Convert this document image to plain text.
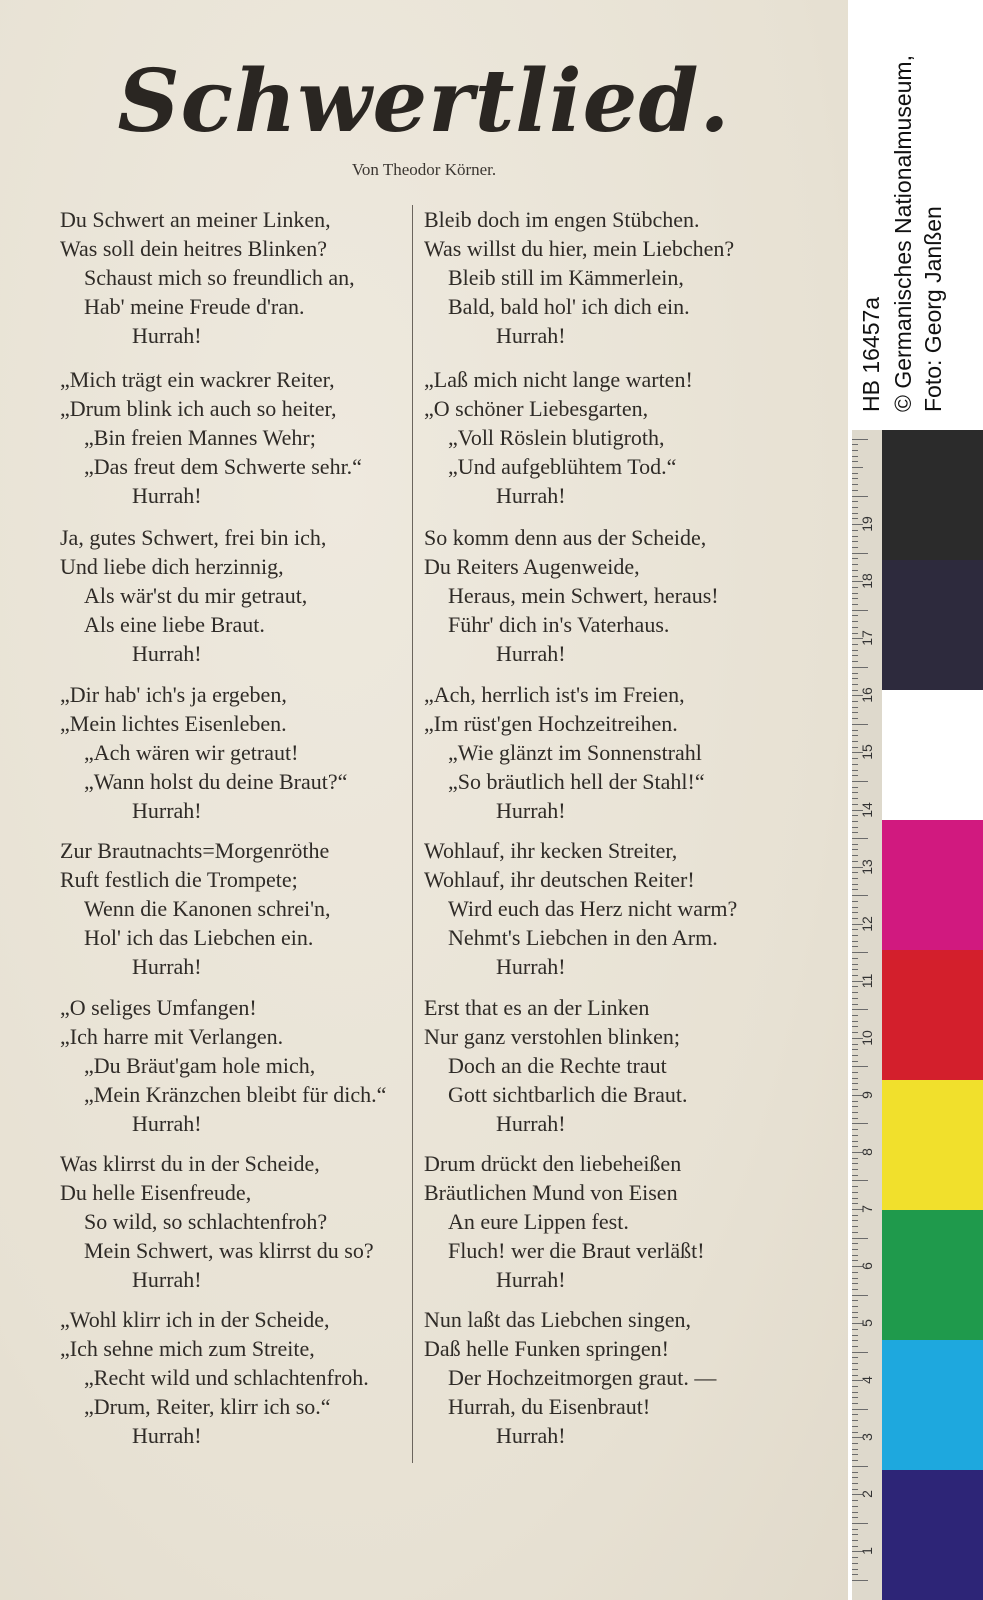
Schwertlied.
Von Theodor Körner.
Du Schwert an meiner Linken,
Was soll dein heitres Blinken?
Schaust mich so freundlich an,
Hab' meine Freude d'ran.
Hurrah!
„Mich trägt ein wackrer Reiter,
„Drum blink ich auch so heiter,
„Bin freien Mannes Wehr;
„Das freut dem Schwerte sehr.“
Hurrah!
Ja, gutes Schwert, frei bin ich,
Und liebe dich herzinnig,
Als wär'st du mir getraut,
Als eine liebe Braut.
Hurrah!
„Dir hab' ich's ja ergeben,
„Mein lichtes Eisenleben.
„Ach wären wir getraut!
„Wann holst du deine Braut?“
Hurrah!
Zur Brautnachts=Morgenröthe
Ruft festlich die Trompete;
Wenn die Kanonen schrei'n,
Hol' ich das Liebchen ein.
Hurrah!
„O seliges Umfangen!
„Ich harre mit Verlangen.
„Du Bräut'gam hole mich,
„Mein Kränzchen bleibt für dich.“
Hurrah!
Was klirrst du in der Scheide,
Du helle Eisenfreude,
So wild, so schlachtenfroh?
Mein Schwert, was klirrst du so?
Hurrah!
„Wohl klirr ich in der Scheide,
„Ich sehne mich zum Streite,
„Recht wild und schlachtenfroh.
„Drum, Reiter, klirr ich so.“
Hurrah!
Bleib doch im engen Stübchen.
Was willst du hier, mein Liebchen?
Bleib still im Kämmerlein,
Bald, bald hol' ich dich ein.
Hurrah!
„Laß mich nicht lange warten!
„O schöner Liebesgarten,
„Voll Röslein blutigroth,
„Und aufgeblühtem Tod.“
Hurrah!
So komm denn aus der Scheide,
Du Reiters Augenweide,
Heraus, mein Schwert, heraus!
Führ' dich in's Vaterhaus.
Hurrah!
„Ach, herrlich ist's im Freien,
„Im rüst'gen Hochzeitreihen.
„Wie glänzt im Sonnenstrahl
„So bräutlich hell der Stahl!“
Hurrah!
Wohlauf, ihr kecken Streiter,
Wohlauf, ihr deutschen Reiter!
Wird euch das Herz nicht warm?
Nehmt's Liebchen in den Arm.
Hurrah!
Erst that es an der Linken
Nur ganz verstohlen blinken;
Doch an die Rechte traut
Gott sichtbarlich die Braut.
Hurrah!
Drum drückt den liebeheißen
Bräutlichen Mund von Eisen
An eure Lippen fest.
Fluch! wer die Braut verläßt!
Hurrah!
Nun laßt das Liebchen singen,
Daß helle Funken springen!
Der Hochzeitmorgen graut. —
Hurrah, du Eisenbraut!
Hurrah!
19
18
17
16
15
14
13
12
11
10
9
8
7
6
5
4
3
2
1
HB 16457a © Germanisches Nationalmuseum, Foto: Georg Janßen
